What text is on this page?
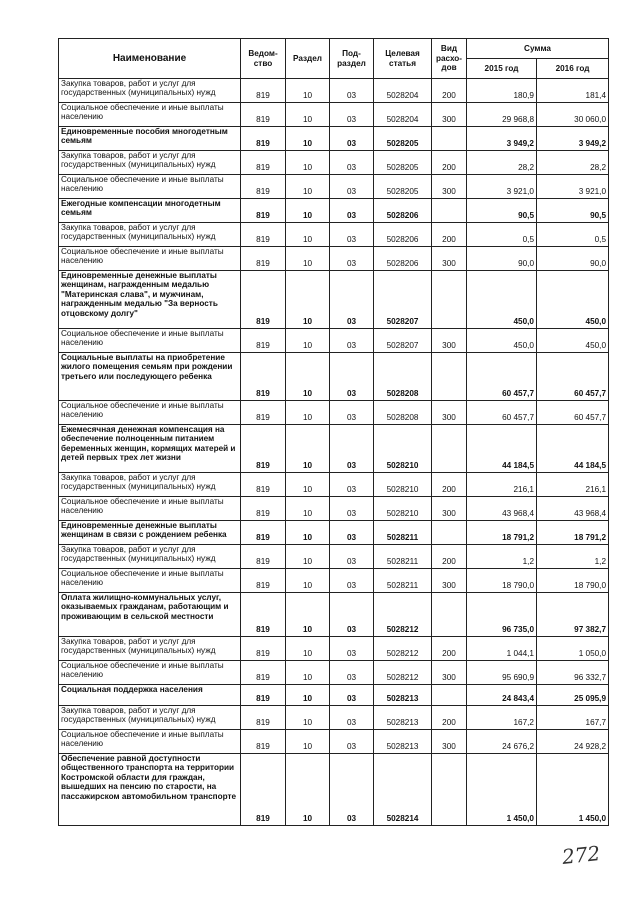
Наименование	Ведом-ство	Раздел	Под-раздел	Целевая статья	Вид расхо-дов	Сумма	
						2015 год	2016 год
Закупка товаров, работ и услуг для государственных (муниципальных) нужд	819	10	03	5028204	200	180,9	181,4
Социальное обеспечение и иные выплаты населению	819	10	03	5028204	300	29 968,8	30 060,0
Единовременные пособия многодетным семьям	819	10	03	5028205		3 949,2	3 949,2
Закупка товаров, работ и услуг для государственных (муниципальных) нужд	819	10	03	5028205	200	28,2	28,2
Социальное обеспечение и иные выплаты населению	819	10	03	5028205	300	3 921,0	3 921,0
Ежегодные компенсации многодетным семьям	819	10	03	5028206		90,5	90,5
Закупка товаров, работ и услуг для государственных (муниципальных) нужд	819	10	03	5028206	200	0,5	0,5
Социальное обеспечение и иные выплаты населению	819	10	03	5028206	300	90,0	90,0
Единовременные денежные выплаты женщинам, награжденным медалью "Материнская слава", и мужчинам, награжденным медалью "За верность отцовскому долгу"	819	10	03	5028207		450,0	450,0
Социальное обеспечение и иные выплаты населению	819	10	03	5028207	300	450,0	450,0
Социальные выплаты на приобретение жилого помещения семьям при рождении третьего или последующего ребенка	819	10	03	5028208		60 457,7	60 457,7
Социальное обеспечение и иные выплаты населению	819	10	03	5028208	300	60 457,7	60 457,7
Ежемесячная денежная компенсация на обеспечение полноценным питанием беременных женщин, кормящих матерей и детей первых трех лет жизни	819	10	03	5028210		44 184,5	44 184,5
Закупка товаров, работ и услуг для государственных (муниципальных) нужд	819	10	03	5028210	200	216,1	216,1
Социальное обеспечение и иные выплаты населению	819	10	03	5028210	300	43 968,4	43 968,4
Единовременные денежные выплаты женщинам в связи с рождением ребенка	819	10	03	5028211		18 791,2	18 791,2
Закупка товаров, работ и услуг для государственных (муниципальных) нужд	819	10	03	5028211	200	1,2	1,2
Социальное обеспечение и иные выплаты населению	819	10	03	5028211	300	18 790,0	18 790,0
Оплата жилищно-коммунальных услуг, оказываемых гражданам, работающим и проживающим в сельской местности	819	10	03	5028212		96 735,0	97 382,7
Закупка товаров, работ и услуг для государственных (муниципальных) нужд	819	10	03	5028212	200	1 044,1	1 050,0
Социальное обеспечение и иные выплаты населению	819	10	03	5028212	300	95 690,9	96 332,7
Социальная поддержка населения	819	10	03	5028213		24 843,4	25 095,9
Закупка товаров, работ и услуг для государственных (муниципальных) нужд	819	10	03	5028213	200	167,2	167,7
Социальное обеспечение и иные выплаты населению	819	10	03	5028213	300	24 676,2	24 928,2
Обеспечение равной доступности общественного транспорта на территории Костромской области для граждан, вышедших на пенсию по старости, на пассажирском автомобильном транспорте	819	10	03	5028214		1 450,0	1 450,0
272
